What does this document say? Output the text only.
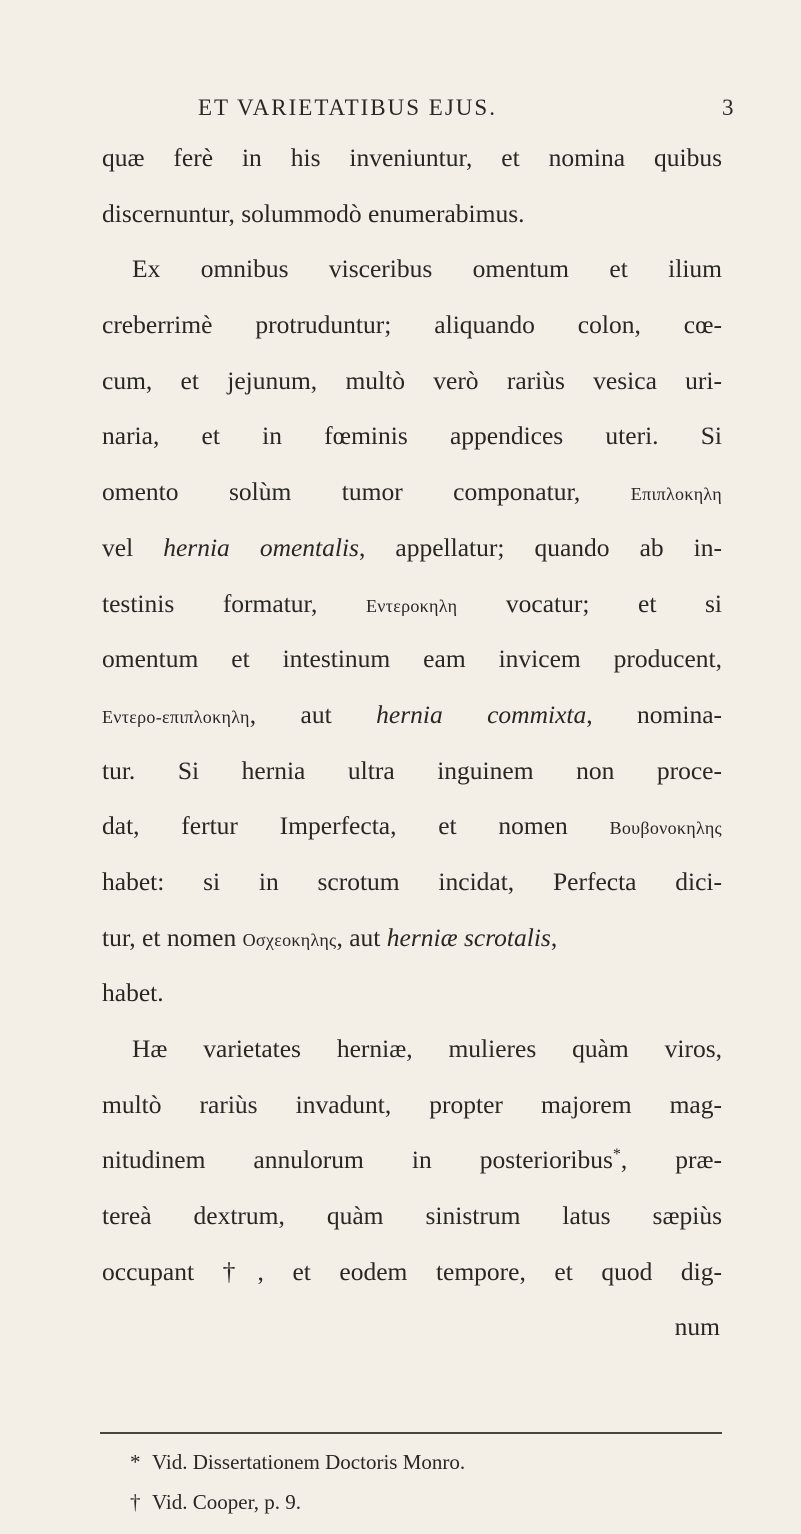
ET VARIETATIBUS EJUS.	3
quæ ferè in his inveniuntur, et nomina quibus
discernuntur, solummodò enumerabimus.
Ex omnibus visceribus omentum et ilium
creberrimè protruduntur; aliquando colon, cœ-
cum, et jejunum, multò verò rariùs vesica uri-
naria, et in fœminis appendices uteri. Si
omento solùm tumor componatur, Επιπλοκηλη
vel hernia omentalis, appellatur; quando ab in-
testinis formatur, Εντεροκηλη vocatur; et si
omentum et intestinum eam invicem producent,
Εντερο-επιπλοκηλη, aut hernia commixta, nomina-
tur. Si hernia ultra inguinem non proce-
dat, fertur Imperfecta, et nomen Βουβονοκηλης
habet: si in scrotum incidat, Perfecta dici-
tur, et nomen Οσχεοκηλης, aut herniæ scrotalis,
habet.
Hæ varietates herniæ, mulieres quàm viros,
multò rariùs invadunt, propter majorem mag-
nitudinem annulorum in posterioribus*, præ-
tereà dextrum, quàm sinistrum latus sæpiùs
occupant †, et eodem tempore, et quod dig-
num
* Vid. Dissertationem Doctoris Monro.
† Vid. Cooper, p. 9.
